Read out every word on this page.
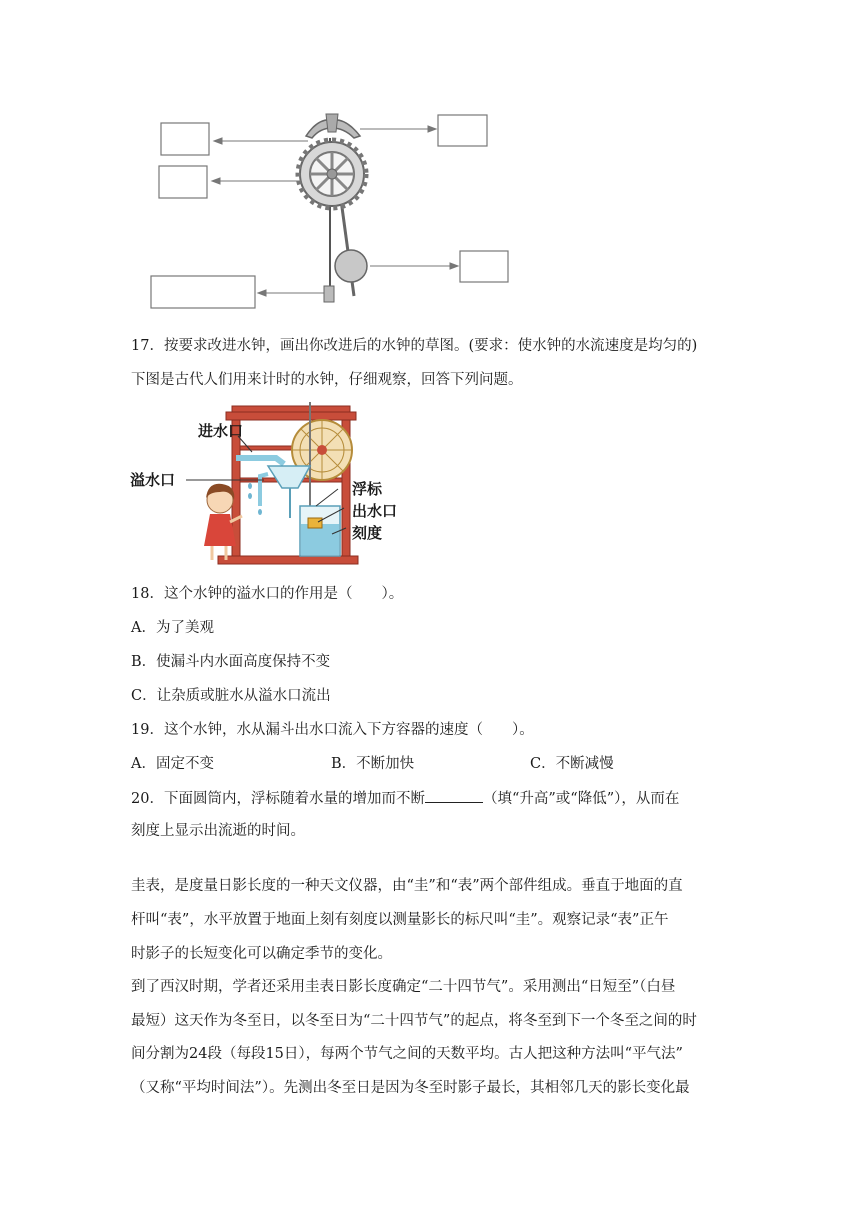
17．按要求改进水钟，画出你改进后的水钟的草图。(要求：使水钟的水流速度是均匀的)
下图是古代人们用来计时的水钟，仔细观察，回答下列问题。
进水口
溢水口	浮标
出水口
刻度
18．这个水钟的溢水口的作用是（　　）。
A．为了美观
B．使漏斗内水面高度保持不变
C．让杂质或脏水从溢水口流出
19．这个水钟，水从漏斗出水口流入下方容器的速度（　　）。
A．固定不变	B．不断加快	C．不断减慢
20．下面圆筒内，浮标随着水量的增加而不断	（填“升高”或“降低”），从而在
刻度上显示出流逝的时间。
圭表，是度量日影长度的一种天文仪器，由“圭”和“表”两个部件组成。垂直于地面的直
杆叫“表”，水平放置于地面上刻有刻度以测量影长的标尺叫“圭”。观察记录“表”正午
时影子的长短变化可以确定季节的变化。
到了西汉时期，学者还采用圭表日影长度确定“二十四节气”。采用测出“日短至”（白昼
最短）这天作为冬至日，以冬至日为“二十四节气”的起点，将冬至到下一个冬至之间的时
间分割为24段（每段15日），每两个节气之间的天数平均。古人把这种方法叫“平气法”
（又称“平均时间法”）。先测出冬至日是因为冬至时影子最长，其相邻几天的影长变化最
